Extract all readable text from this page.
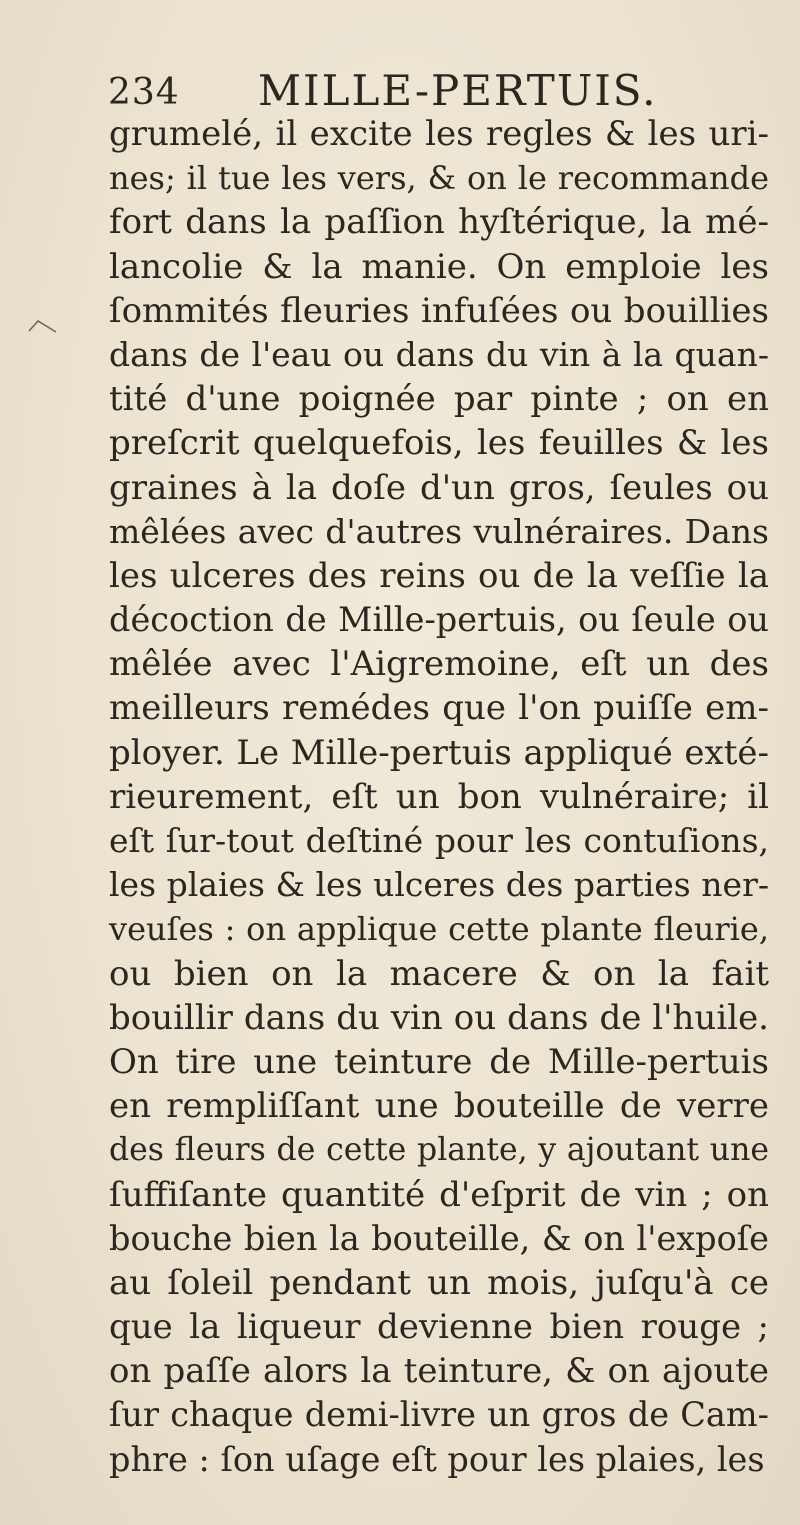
234 MILLE-PERTUIS.
grumelé, il excite les regles & les uri-
nes; il tue les vers, & on le recommande
fort dans la paſſion hyſtérique, la mé-
lancolie & la manie. On emploie les
ſommités fleuries infuſées ou bouillies
dans de l'eau ou dans du vin à la quan-
tité d'une poignée par pinte ; on en
preſcrit quelquefois, les feuilles & les
graines à la doſe d'un gros, ſeules ou
mêlées avec d'autres vulnéraires. Dans
les ulceres des reins ou de la veſſie la
décoction de Mille-pertuis, ou ſeule ou
mêlée avec l'Aigremoine, eſt un des
meilleurs remédes que l'on puiſſe em-
ployer. Le Mille-pertuis appliqué exté-
rieurement, eſt un bon vulnéraire; il
eſt ſur-tout deſtiné pour les contuſions,
les plaies & les ulceres des parties ner-
veuſes : on applique cette plante fleurie,
ou bien on la macere & on la fait
bouillir dans du vin ou dans de l'huile.
On tire une teinture de Mille-pertuis
en rempliſſant une bouteille de verre
des fleurs de cette plante, y ajoutant une
ſuffiſante quantité d'eſprit de vin ; on
bouche bien la bouteille, & on l'expoſe
au ſoleil pendant un mois, juſqu'à ce
que la liqueur devienne bien rouge ;
on paſſe alors la teinture, & on ajoute
ſur chaque demi-livre un gros de Cam-
phre : ſon uſage eſt pour les plaies, les
